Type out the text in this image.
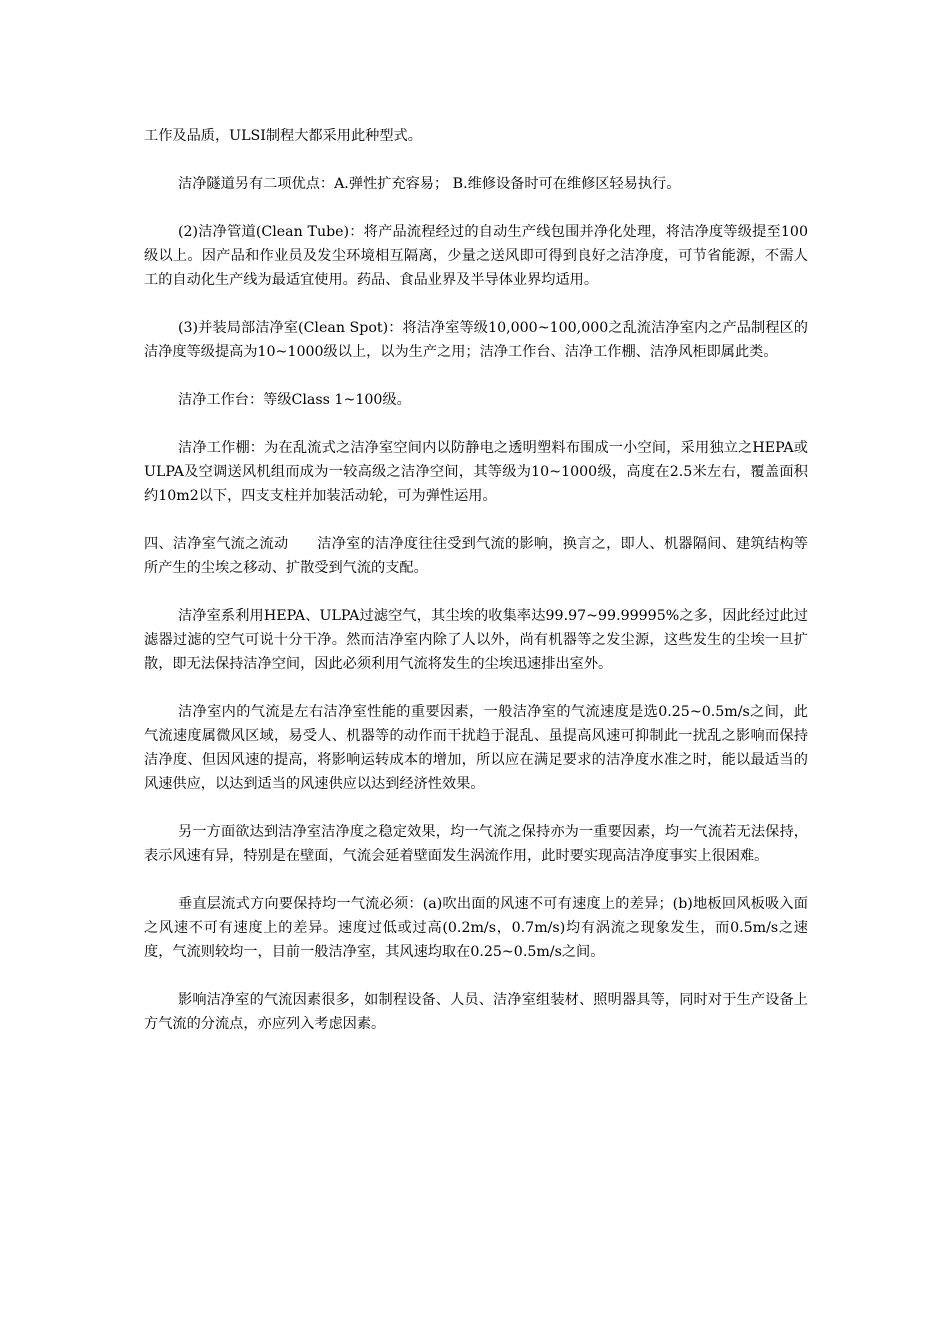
工作及品质，ULSI制程大都采用此种型式。

洁净隧道另有二项优点：A.弹性扩充容易； B.维修设备时可在维修区轻易执行。

(2)洁净管道(Clean Tube)：将产品流程经过的自动生产线包围并净化处理，将洁净度等级提至100级以上。因产品和作业员及发尘环境相互隔离，少量之送风即可得到良好之洁净度，可节省能源，不需人工的自动化生产线为最适宜使用。药品、食品业界及半导体业界均适用。

(3)并装局部洁净室(Clean Spot)：将洁净室等级10,000~100,000之乱流洁净室内之产品制程区的洁净度等级提高为10~1000级以上，以为生产之用；洁净工作台、洁净工作棚、洁净风柜即属此类。

洁净工作台：等级Class 1~100级。

洁净工作棚：为在乱流式之洁净室空间内以防静电之透明塑料布围成一小空间，采用独立之HEPA或ULPA及空调送风机组而成为一较高级之洁净空间，其等级为10~1000级，高度在2.5米左右，覆盖面积约10m2以下，四支支柱并加装活动轮，可为弹性运用。

四、洁净室气流之流动　　洁净室的洁净度往往受到气流的影响，换言之，即人、机器隔间、建筑结构等所产生的尘埃之移动、扩散受到气流的支配。

洁净室系利用HEPA、ULPA过滤空气，其尘埃的收集率达99.97~99.99995%之多，因此经过此过滤器过滤的空气可说十分干净。然而洁净室内除了人以外，尚有机器等之发尘源，这些发生的尘埃一旦扩散，即无法保持洁净空间，因此必须利用气流将发生的尘埃迅速排出室外。

洁净室内的气流是左右洁净室性能的重要因素，一般洁净室的气流速度是选0.25~0.5m/s之间，此气流速度属微风区域，易受人、机器等的动作而干扰趋于混乱、虽提高风速可抑制此一扰乱之影响而保持洁净度、但因风速的提高，将影响运转成本的增加，所以应在满足要求的洁净度水准之时，能以最适当的风速供应，以达到适当的风速供应以达到经济性效果。

另一方面欲达到洁净室洁净度之稳定效果，均一气流之保持亦为一重要因素，均一气流若无法保持，表示风速有异，特别是在壁面，气流会延着壁面发生涡流作用，此时要实现高洁净度事实上很困难。

垂直层流式方向要保持均一气流必须：(a)吹出面的风速不可有速度上的差异；(b)地板回风板吸入面之风速不可有速度上的差异。速度过低或过高(0.2m/s，0.7m/s)均有涡流之现象发生，而0.5m/s之速度，气流则较均一，目前一般洁净室，其风速均取在0.25~0.5m/s之间。

影响洁净室的气流因素很多，如制程设备、人员、洁净室组装材、照明器具等，同时对于生产设备上方气流的分流点，亦应列入考虑因素。
